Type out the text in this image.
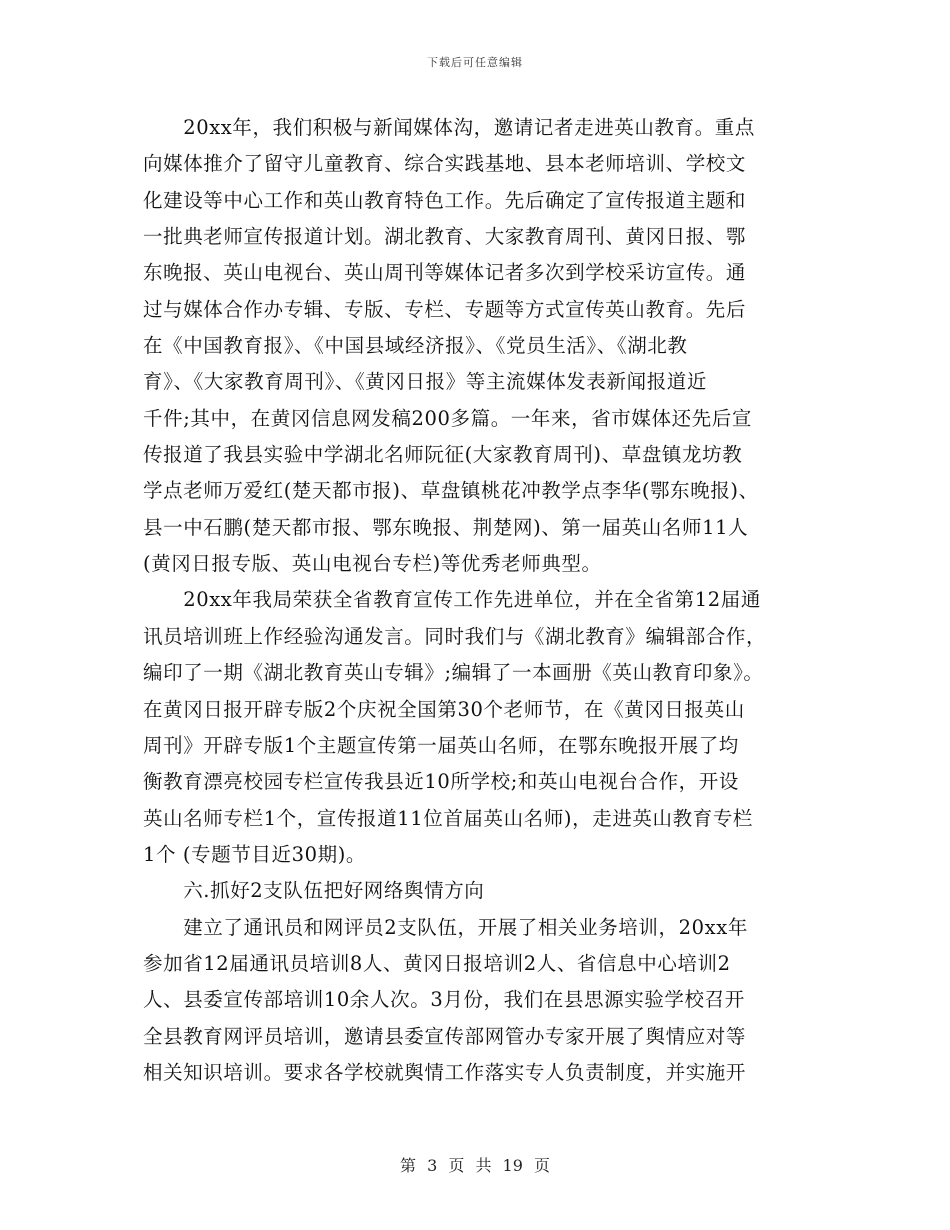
下载后可任意编辑
　　20xx年，我们积极与新闻媒体沟，邀请记者走进英山教育。重点
向媒体推介了留守儿童教育、综合实践基地、县本老师培训、学校文
化建设等中心工作和英山教育特色工作。先后确定了宣传报道主题和
一批典老师宣传报道计划。湖北教育、大家教育周刊、黄冈日报、鄂
东晚报、英山电视台、英山周刊等媒体记者多次到学校采访宣传。通
过与媒体合作办专辑、专版、专栏、专题等方式宣传英山教育。先后
在《中国教育报》、《中国县域经济报》、《党员生活》、《湖北教
育》、《大家教育周刊》、《黄冈日报》等主流媒体发表新闻报道近
千件;其中，在黄冈信息网发稿200多篇。一年来，省市媒体还先后宣
传报道了我县实验中学湖北名师阮征(大家教育周刊)、草盘镇龙坊教
学点老师万爱红(楚天都市报)、草盘镇桃花冲教学点李华(鄂东晚报)、
县一中石鹏(楚天都市报、鄂东晚报、荆楚网)、第一届英山名师11人
(黄冈日报专版、英山电视台专栏)等优秀老师典型。
　　20xx年我局荣获全省教育宣传工作先进单位，并在全省第12届通
讯员培训班上作经验沟通发言。同时我们与《湖北教育》编辑部合作，
编印了一期《湖北教育英山专辑》;编辑了一本画册《英山教育印象》。
在黄冈日报开辟专版2个庆祝全国第30个老师节，在《黄冈日报英山
周刊》开辟专版1个主题宣传第一届英山名师，在鄂东晚报开展了均
衡教育漂亮校园专栏宣传我县近10所学校;和英山电视台合作，开设
英山名师专栏1个，宣传报道11位首届英山名师)，走进英山教育专栏
1个 (专题节目近30期)。
　　六.抓好2支队伍把好网络舆情方向
　　建立了通讯员和网评员2支队伍，开展了相关业务培训，20xx年
参加省12届通讯员培训8人、黄冈日报培训2人、省信息中心培训2
人、县委宣传部培训10余人次。3月份，我们在县思源实验学校召开
全县教育网评员培训，邀请县委宣传部网管办专家开展了舆情应对等
相关知识培训。要求各学校就舆情工作落实专人负责制度，并实施开
第 3 页 共 19 页
